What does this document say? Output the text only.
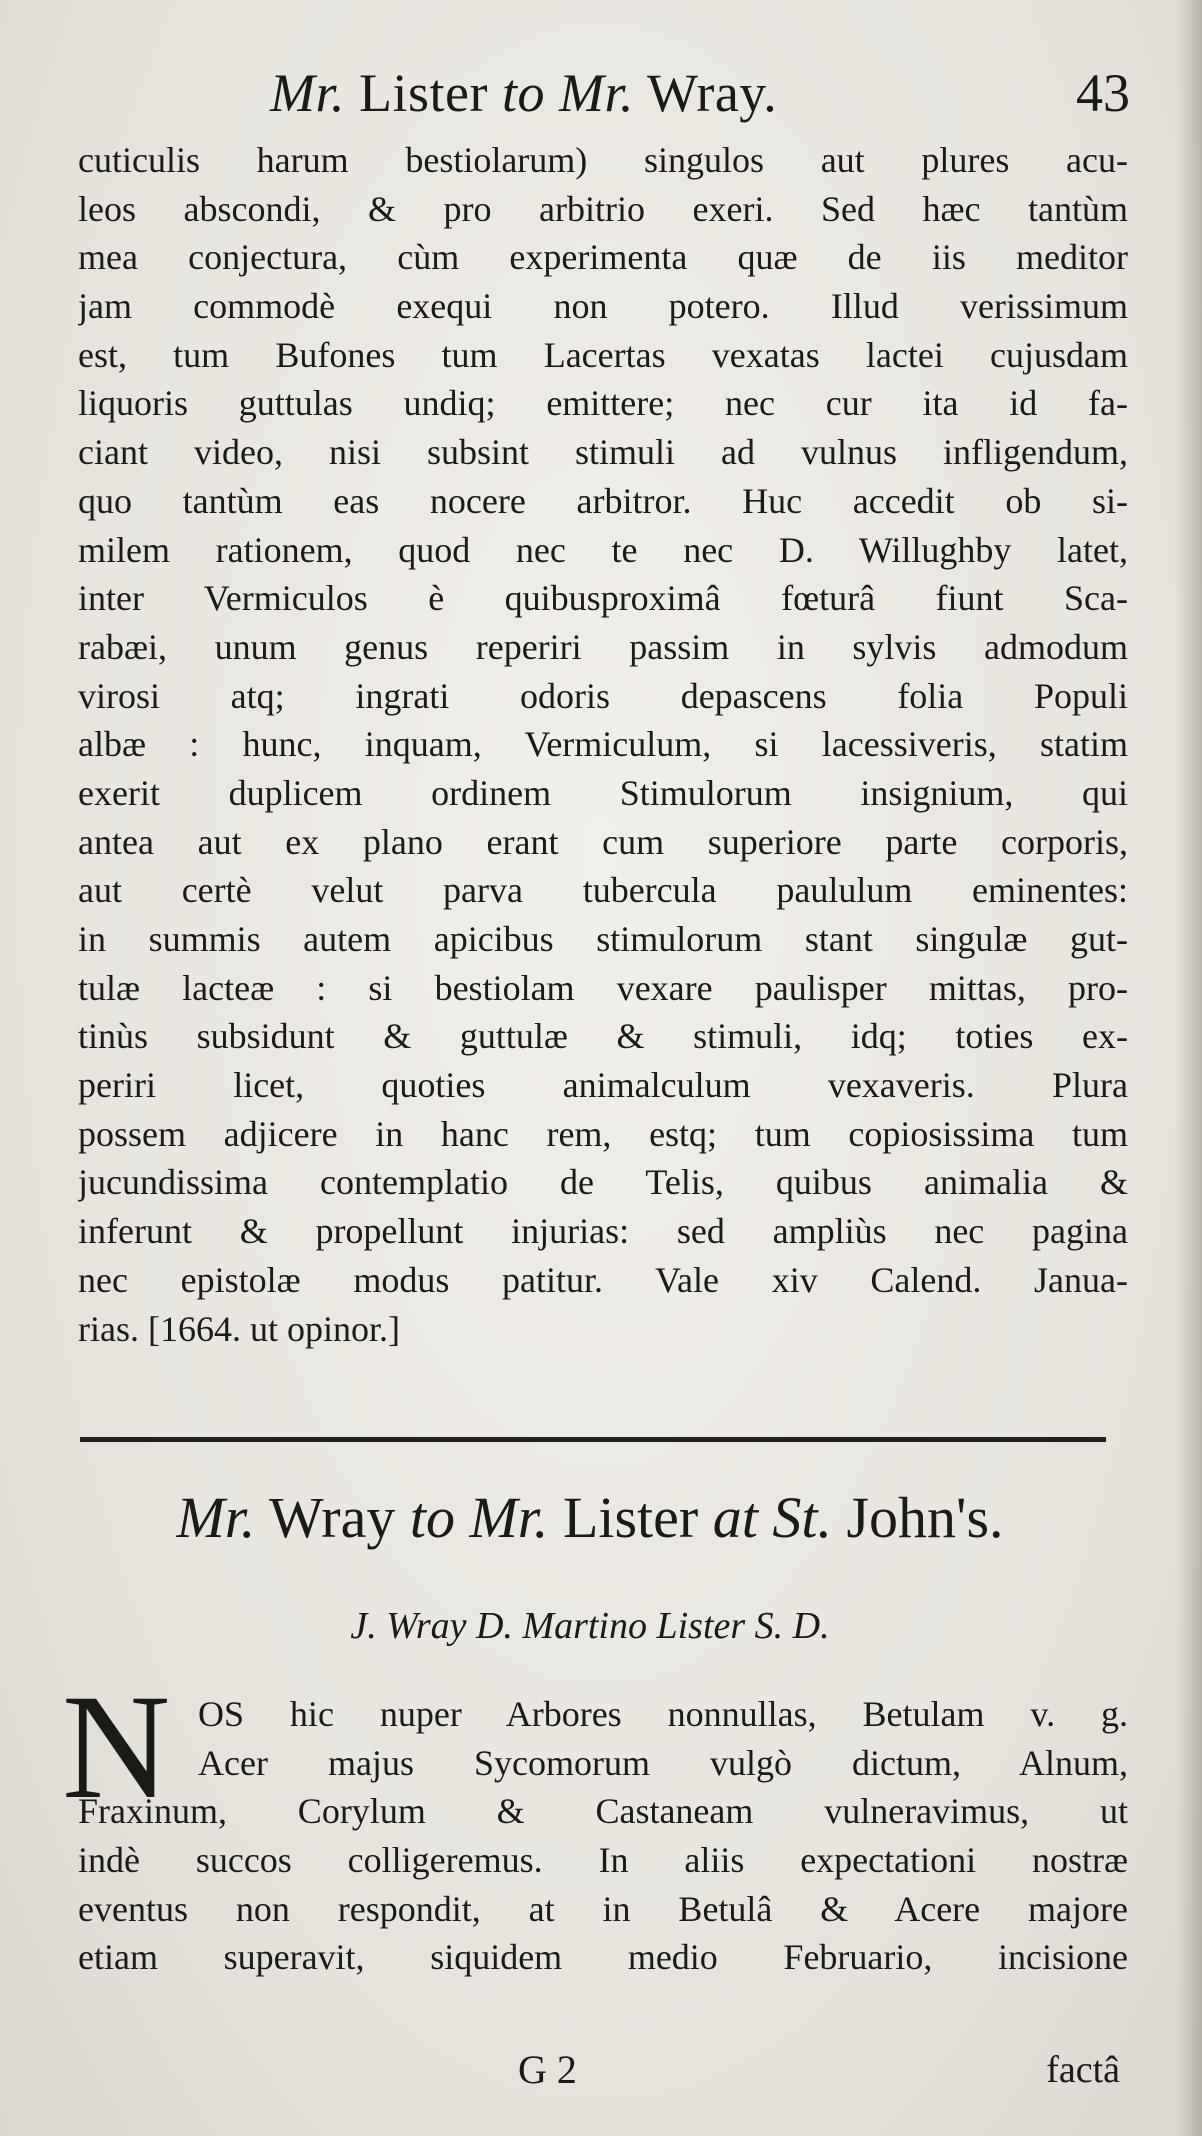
Mr. Lister to Mr. Wray.	43
cuticulis harum bestiolarum) singulos aut plures acu-
leos abscondi, & pro arbitrio exeri. Sed hæc tantùm
mea conjectura, cùm experimenta quæ de iis meditor
jam commodè exequi non potero. Illud verissimum
est, tum Bufones tum Lacertas vexatas lactei cujusdam
liquoris guttulas undiq; emittere; nec cur ita id fa-
ciant video, nisi subsint stimuli ad vulnus infligendum,
quo tantùm eas nocere arbitror. Huc accedit ob si-
milem rationem, quod nec te nec D. Willughby latet,
inter Vermiculos è quibusproximâ fœturâ fiunt Sca-
rabæi, unum genus reperiri passim in sylvis admodum
virosi atq; ingrati odoris depascens folia Populi
albæ : hunc, inquam, Vermiculum, si lacessiveris, statim
exerit duplicem ordinem Stimulorum insignium, qui
antea aut ex plano erant cum superiore parte corporis,
aut certè velut parva tubercula paululum eminentes:
in summis autem apicibus stimulorum stant singulæ gut-
tulæ lacteæ : si bestiolam vexare paulisper mittas, pro-
tinùs subsidunt & guttulæ & stimuli, idq; toties ex-
periri licet, quoties animalculum vexaveris. Plura
possem adjicere in hanc rem, estq; tum copiosissima tum
jucundissima contemplatio de Telis, quibus animalia &
inferunt & propellunt injurias: sed ampliùs nec pagina
nec epistolæ modus patitur. Vale xiv Calend. Janua-
rias. [1664. ut opinor.]
Mr. Wray to Mr. Lister at St. John's.
J. Wray D. Martino Lister S. D.
N OS hic nuper Arbores nonnullas, Betulam v. g.
Acer majus Sycomorum vulgò dictum, Alnum,
Fraxinum, Corylum & Castaneam vulneravimus, ut
indè succos colligeremus. In aliis expectationi nostræ
eventus non respondit, at in Betulâ & Acere majore
etiam superavit, siquidem medio Februario, incisione
G 2	factâ
